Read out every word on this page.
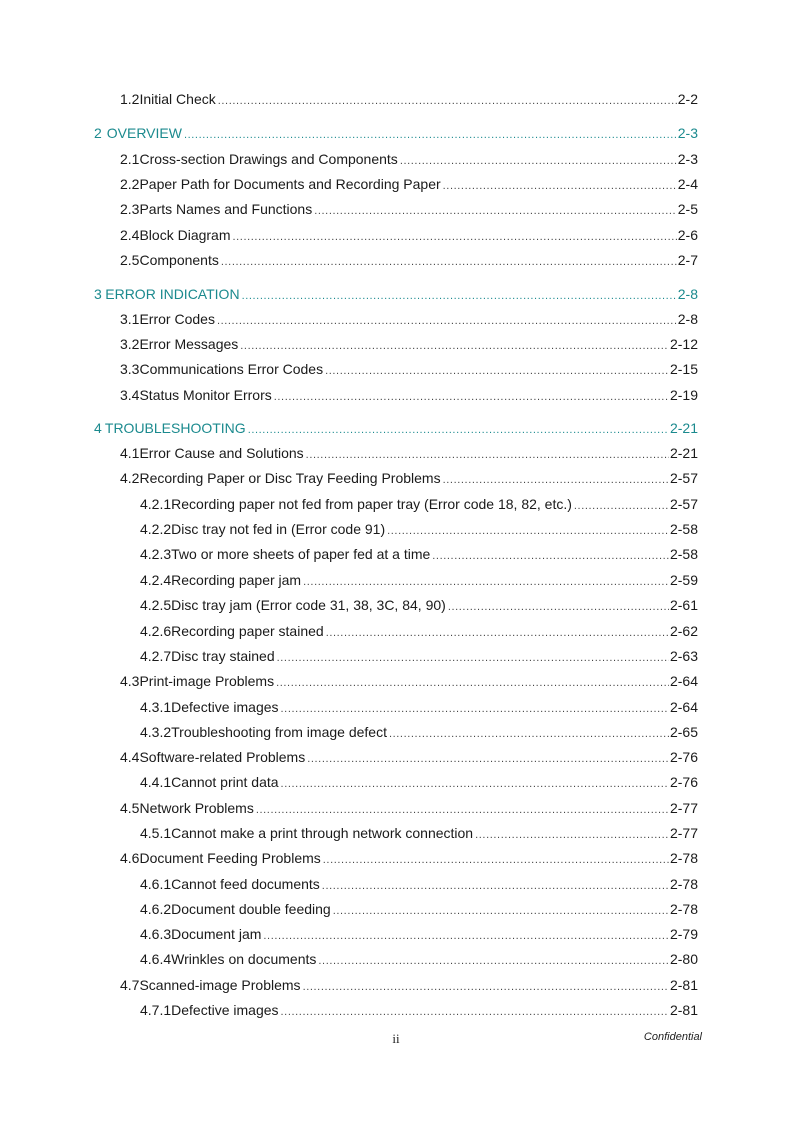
1.2 Initial Check .....	2-2
2 OVERVIEW .....	2-3
2.1 Cross-section Drawings and Components .....	2-3
2.2 Paper Path for Documents and Recording Paper .....	2-4
2.3 Parts Names and Functions .....	2-5
2.4 Block Diagram .....	2-6
2.5 Components .....	2-7
3 ERROR INDICATION .....	2-8
3.1 Error Codes .....	2-8
3.2 Error Messages .....	2-12
3.3 Communications Error Codes .....	2-15
3.4 Status Monitor Errors .....	2-19
4 TROUBLESHOOTING .....	2-21
4.1 Error Cause and Solutions .....	2-21
4.2 Recording Paper or Disc Tray Feeding Problems .....	2-57
4.2.1 Recording paper not fed from paper tray (Error code 18, 82, etc.) .....	2-57
4.2.2 Disc tray not fed in (Error code 91) .....	2-58
4.2.3 Two or more sheets of paper fed at a time .....	2-58
4.2.4 Recording paper jam .....	2-59
4.2.5 Disc tray jam (Error code 31, 38, 3C, 84, 90) .....	2-61
4.2.6 Recording paper stained .....	2-62
4.2.7 Disc tray stained .....	2-63
4.3 Print-image Problems .....	2-64
4.3.1 Defective images .....	2-64
4.3.2 Troubleshooting from image defect .....	2-65
4.4 Software-related Problems .....	2-76
4.4.1 Cannot print data .....	2-76
4.5 Network Problems .....	2-77
4.5.1 Cannot make a print through network connection .....	2-77
4.6 Document Feeding Problems .....	2-78
4.6.1 Cannot feed documents .....	2-78
4.6.2 Document double feeding .....	2-78
4.6.3 Document jam .....	2-79
4.6.4 Wrinkles on documents .....	2-80
4.7 Scanned-image Problems .....	2-81
4.7.1 Defective images .....	2-81
ii	Confidential
